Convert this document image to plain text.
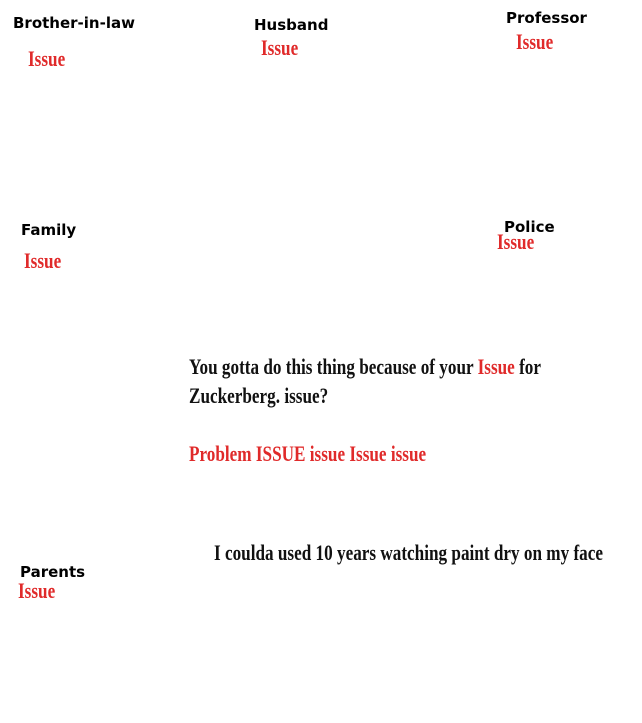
Brother-in-law
Issue
Husband
Issue
Professor
Issue
Family
Issue
Police
Issue
You gotta do this thing because of your Issue for
Zuckerberg. issue?
Problem ISSUE issue Issue issue
I coulda used 10 years watching paint dry on my face
Parents
Issue
